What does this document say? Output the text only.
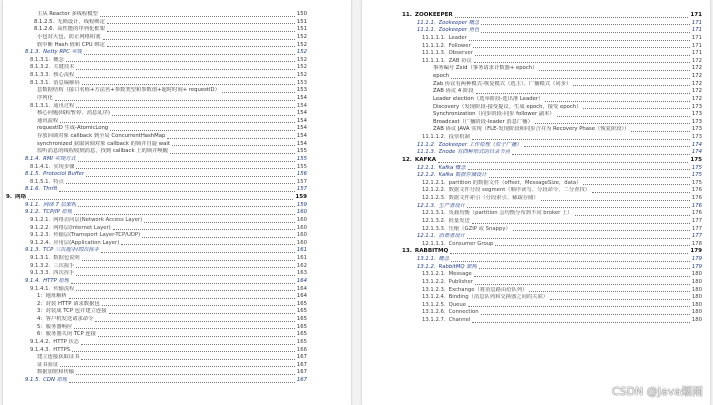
主从 Reactor 多线程模型	150
8.1.2.5. 无锁设计、线程绑定	151
8.1.2.6. 高性能的序列化框架	151
小包封大包，防止网络阻塞	152
软中断 Hash 值和 CPU 绑定	152
8.1.3. Netty RPC 实现	152
8.1.3.1. 概念	152
8.1.3.2. 关键技术	152
8.1.3.3. 核心流程	152
8.1.3.1. 消息编解码	153
息数据结构（接口名称+方法名+参数类型和参数值+超时时间+ requestID）	153
序列化	154
8.1.3.1. 通讯过程	154
核心问题(线程暂停、消息乱序)	154
通讯流程	154
requestID 生成-AtomicLong	154
存放回调对象 callback 到全局 ConcurrentHashMap	154
synchronized 获取回调对象 callback 的锁并自旋 wait	154
监听消息的线程收到消息，找到 callback 上的锁并唤醒	155
8.1.4. RMI 实现方式	155
8.1.4.1. 实现步骤	155
8.1.5. Protoclol Buffer	156
8.1.5.1. 特点	157
8.1.6. Thrift	157
9. 网络	159
9.1.1. 网络 7 层架构	159
9.1.2. TCP/IP 原理	160
9.1.2.1. 网络访问层(Network Access Layer)	160
9.1.2.2. 网络层(Internet Layer)	160
9.1.2.3. 传输层(Tramsport Layer-TCP/UDP)	160
9.1.2.4. 应用层(Application Layer)	160
9.1.3. TCP 三次握手/四次挥手	161
9.1.3.1. 数据包说明	161
9.1.3.2. 三次握手	162
9.1.3.3. 四次挥手	163
9.1.4. HTTP 原理	164
9.1.4.1. 传输流程	164
1：地址解析	164
2：封装 HTTP 请求数据包	165
3：封装成 TCP 包并建立连接	165
4：客户机发送请求命令	165
5：服务器响应	165
6：服务器关闭 TCP 连接	165
9.1.4.2. HTTP 状态	165
9.1.4.3. HTTPS	166
建立连接获取证书	167
证书验证	167
数据加密和传输	167
9.1.5. CDN 原理	167
11. ZOOKEEPER	171
11.1.1. Zookeeper 概念	171
11.1.1. Zookeeper 角色	171
11.1.1.1. Leader	171
11.1.1.2. Follower	171
11.1.1.3. Observer	171
11.1.1.1. ZAB 协议	172
事务编号 Zxid（事务请求计数器+ epoch）	172
epoch	172
Zab 协议有两种模式-恢复模式（选主）、广播模式（同步）	172
ZAB 协议 4 阶段	172
Leader election（选举阶段-选出准 Leader）	172
Discovery（发现阶段-接受提议、生成 epoch、接受 epoch）	173
Synchronization（同步阶段-同步 follower 副本）	173
Broadcast（广播阶段-leader 消息广播）	173
ZAB 协议 JAVA 实现（FLE-发现阶段和同步合并为 Recovery Phase（恢复阶段））	173
11.1.1.2. 投票机制	173
11.1.2. Zookeeper 工作原理（原子广播）	174
11.1.3. Znode 有四种形式的目录节点	174
12. KAFKA	175
12.1.1. Kafka 概念	175
12.1.2. Kafka 数据存储设计	175
12.1.2.1. partition 的数据文件（offset，MessageSize，data）	175
12.1.2.2. 数据文件分段 segment（顺序读写、分段命令、二分查找）	176
12.1.2.3. 数据文件索引（分段索引、稀疏存储）	176
12.1.3. 生产者设计	176
12.1.3.1. 负载均衡（partition 会均衡分布到不同 broker 上）	176
12.1.3.2. 批量发送	177
12.1.3.3. 压缩（GZIP 或 Snappy）	177
12.1.1. 消费者设计	177
12.1.1.1. Consumer Group	178
13. RABBITMQ	179
13.1.1. 概念	179
13.1.2. RabbitMQ 架构	179
13.1.2.1. Message	180
13.1.2.2. Publisher	180
13.1.2.3. Exchange（将消息路由给队列）	180
13.1.2.4. Binding（消息队列和交换器之间的关联）	180
13.1.2.5. Queue	180
13.1.2.6. Connection	180
13.1.2.7. Channel	180
CSDN @Java烟雨
